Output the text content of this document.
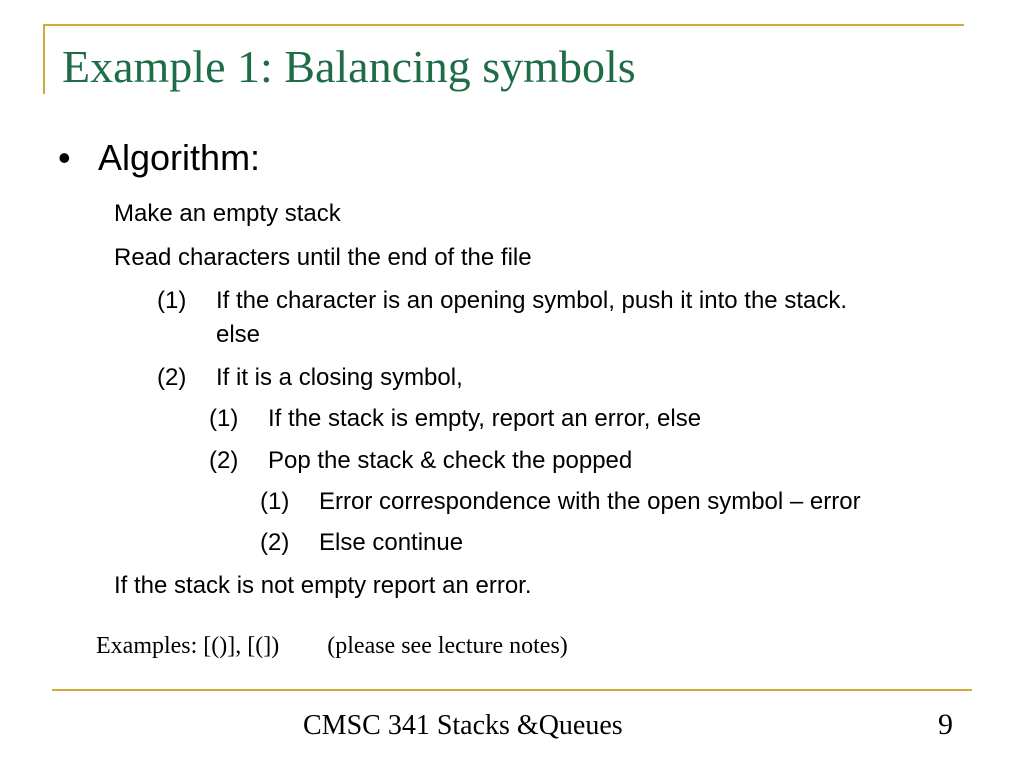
Example 1: Balancing symbols
• Algorithm:
Make an empty stack
Read characters until the end of the file
(1) If the character is an opening symbol, push it into the stack.
else
(2) If it is a closing symbol,
(1) If the stack is empty, report an error, else
(2) Pop the stack & check the popped
(1) Error correspondence with the open symbol – error
(2) Else continue
If the stack is not empty report an error.
Examples: [()], [(]) (please see lecture notes)
CMSC 341 Stacks &Queues	9
